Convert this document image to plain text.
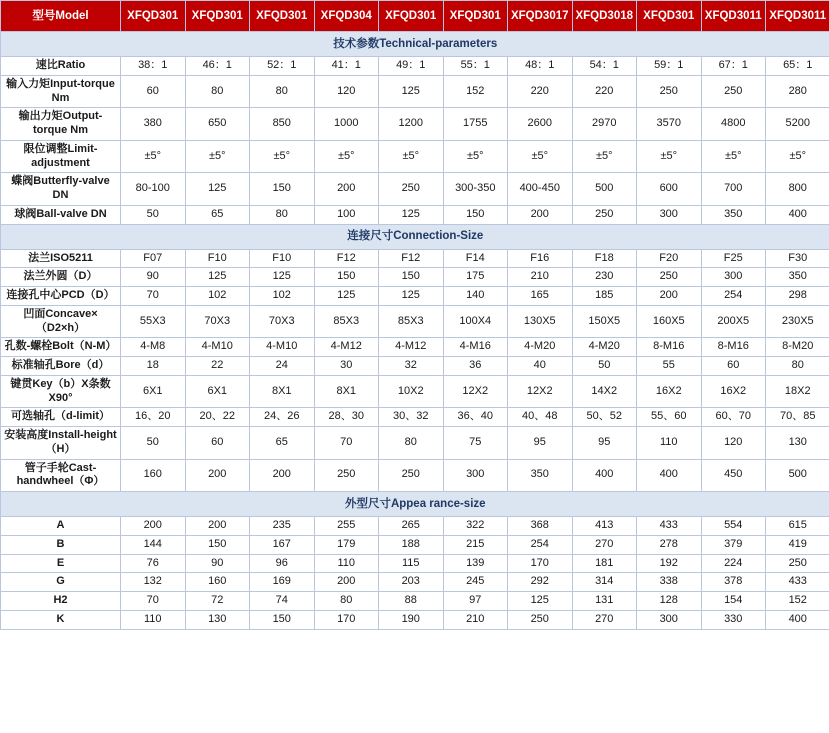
型号Model	XFQD301	XFQD301	XFQD301	XFQD304	XFQD301	XFQD301	XFQD3017	XFQD3018	XFQD301	XFQD3011	XFQD3011
技术参数Technical-parameters											
速比Ratio	38：1	46：1	52：1	41：1	49：1	55：1	48：1	54：1	59：1	67：1	65：1
输入力矩Input-torque Nm	60	80	80	120	125	152	220	220	250	250	280
输出力矩Output-torque Nm	380	650	850	1000	1200	1755	2600	2970	3570	4800	5200
限位调整Limit-adjustment	±5°	±5°	±5°	±5°	±5°	±5°	±5°	±5°	±5°	±5°	±5°
蝶阀Butterfly-valve DN	80-100	125	150	200	250	300-350	400-450	500	600	700	800
球阀Ball-valve DN	50	65	80	100	125	150	200	250	300	350	400
连接尺寸Connection-Size											
法兰ISO5211	F07	F10	F10	F12	F12	F14	F16	F18	F20	F25	F30
法兰外圆（D）	90	125	125	150	150	175	210	230	250	300	350
连接孔中心PCD（D）	70	102	102	125	125	140	165	185	200	254	298
凹面Concave×（D2×h）	55X3	70X3	70X3	85X3	85X3	100X4	130X5	150X5	160X5	200X5	230X5
孔数-螺栓Bolt（N-M）	4-M8	4-M10	4-M10	4-M12	4-M12	4-M16	4-M20	4-M20	8-M16	8-M16	8-M20
标准轴孔Bore（d）	18	22	24	30	32	36	40	50	55	60	80
键贯Key（b）X条数X90°	6X1	6X1	8X1	8X1	10X2	12X2	12X2	14X2	16X2	16X2	18X2
可选轴孔（d-limit）	16、20	20、22	24、26	28、30	30、32	36、40	40、48	50、52	55、60	60、70	70、85
安装高度Install-height（H）	50	60	65	70	80	75	95	95	110	120	130
管子手轮Cast-handwheel（Φ）	160	200	200	250	250	300	350	400	400	450	500
外型尺寸Appea rance-size											
A	200	200	235	255	265	322	368	413	433	554	615
B	144	150	167	179	188	215	254	270	278	379	419
E	76	90	96	110	115	139	170	181	192	224	250
G	132	160	169	200	203	245	292	314	338	378	433
H2	70	72	74	80	88	97	125	131	128	154	152
K	110	130	150	170	190	210	250	270	300	330	400
